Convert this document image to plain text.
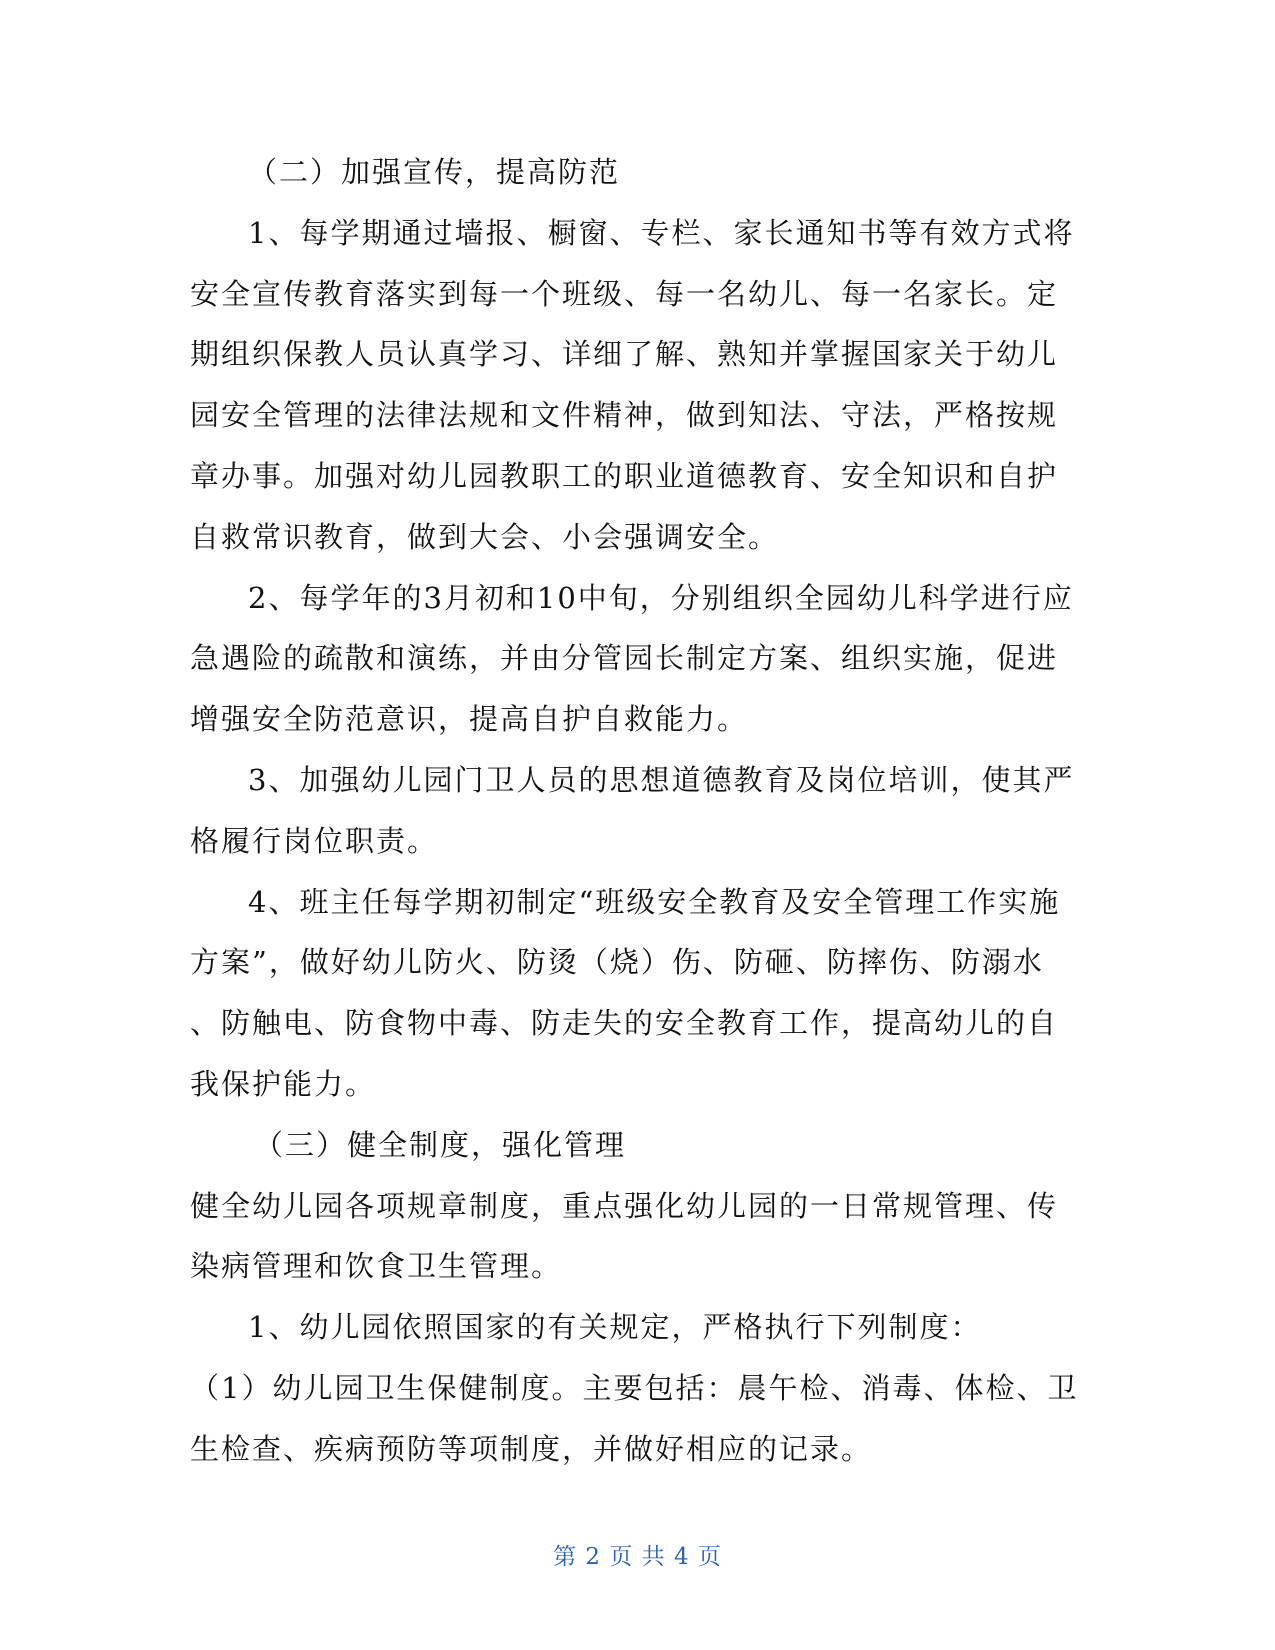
（二）加强宣传，提高防范
1、每学期通过墙报、橱窗、专栏、家长通知书等有效方式将
安全宣传教育落实到每一个班级、每一名幼儿、每一名家长。定
期组织保教人员认真学习、详细了解、熟知并掌握国家关于幼儿
园安全管理的法律法规和文件精神，做到知法、守法，严格按规
章办事。加强对幼儿园教职工的职业道德教育、安全知识和自护
自救常识教育，做到大会、小会强调安全。
2、每学年的3月初和10中旬，分别组织全园幼儿科学进行应
急遇险的疏散和演练，并由分管园长制定方案、组织实施，促进
增强安全防范意识，提高自护自救能力。
3、加强幼儿园门卫人员的思想道德教育及岗位培训，使其严
格履行岗位职责。
4、班主任每学期初制定“班级安全教育及安全管理工作实施
方案”，做好幼儿防火、防烫（烧）伤、防砸、防摔伤、防溺水
、防触电、防食物中毒、防走失的安全教育工作，提高幼儿的自
我保护能力。
（三）健全制度，强化管理
健全幼儿园各项规章制度，重点强化幼儿园的一日常规管理、传
染病管理和饮食卫生管理。
1、幼儿园依照国家的有关规定，严格执行下列制度：
（1）幼儿园卫生保健制度。主要包括：晨午检、消毒、体检、卫
生检查、疾病预防等项制度，并做好相应的记录。
第 2 页 共 4 页
